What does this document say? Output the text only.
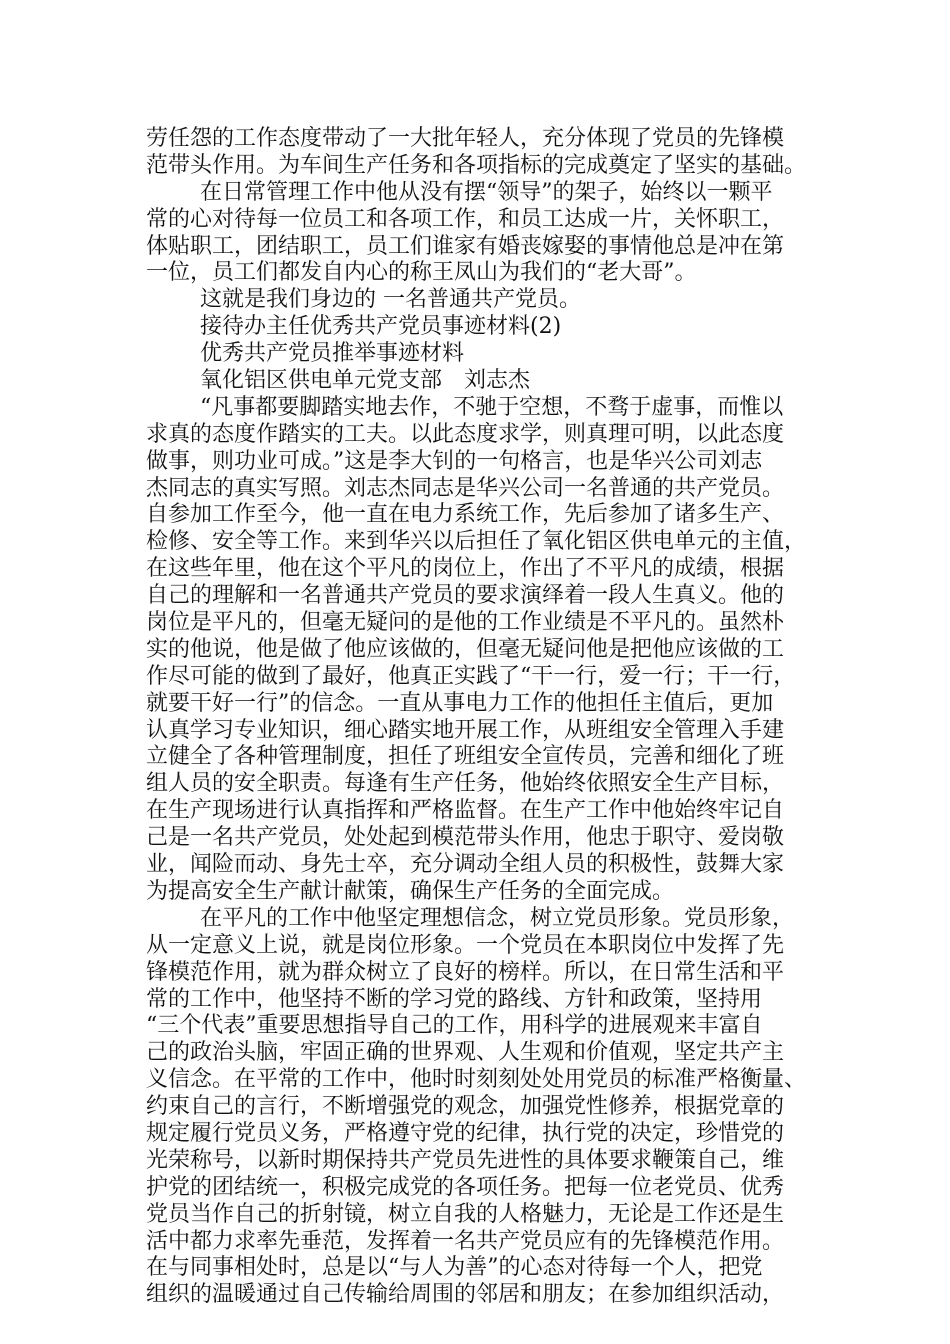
劳任怨的工作态度带动了一大批年轻人，充分体现了党员的先锋模
范带头作用。为车间生产任务和各项指标的完成奠定了坚实的基础。
在日常管理工作中他从没有摆“领导”的架子，始终以一颗平
常的心对待每一位员工和各项工作，和员工达成一片，关怀职工，
体贴职工，团结职工，员工们谁家有婚丧嫁娶的事情他总是冲在第
一位，员工们都发自内心的称王凤山为我们的“老大哥”。
这就是我们身边的 一名普通共产党员。
接待办主任优秀共产党员事迹材料(2)
优秀共产党员推举事迹材料
氧化铝区供电单元党支部　刘志杰
“凡事都要脚踏实地去作，不驰于空想，不骛于虚事，而惟以
求真的态度作踏实的工夫。以此态度求学，则真理可明，以此态度
做事，则功业可成。”这是李大钊的一句格言，也是华兴公司刘志
杰同志的真实写照。刘志杰同志是华兴公司一名普通的共产党员。
自参加工作至今，他一直在电力系统工作，先后参加了诸多生产、
检修、安全等工作。来到华兴以后担任了氧化铝区供电单元的主值，
在这些年里，他在这个平凡的岗位上，作出了不平凡的成绩，根据
自己的理解和一名普通共产党员的要求演绎着一段人生真义。他的
岗位是平凡的，但毫无疑问的是他的工作业绩是不平凡的。虽然朴
实的他说，他是做了他应该做的，但毫无疑问他是把他应该做的工
作尽可能的做到了最好，他真正实践了“干一行，爱一行；干一行，
就要干好一行”的信念。一直从事电力工作的他担任主值后，更加
认真学习专业知识，细心踏实地开展工作，从班组安全管理入手建
立健全了各种管理制度，担任了班组安全宣传员，完善和细化了班
组人员的安全职责。每逢有生产任务，他始终依照安全生产目标，
在生产现场进行认真指挥和严格监督。在生产工作中他始终牢记自
己是一名共产党员，处处起到模范带头作用，他忠于职守、爱岗敬
业，闻险而动、身先士卒，充分调动全组人员的积极性，鼓舞大家
为提高安全生产献计献策，确保生产任务的全面完成。
在平凡的工作中他坚定理想信念，树立党员形象。党员形象，
从一定意义上说，就是岗位形象。一个党员在本职岗位中发挥了先
锋模范作用，就为群众树立了良好的榜样。所以，在日常生活和平
常的工作中，他坚持不断的学习党的路线、方针和政策，坚持用
“三个代表”重要思想指导自己的工作，用科学的进展观来丰富自
己的政治头脑，牢固正确的世界观、人生观和价值观，坚定共产主
义信念。在平常的工作中，他时时刻刻处处用党员的标准严格衡量、
约束自己的言行，不断增强党的观念，加强党性修养，根据党章的
规定履行党员义务，严格遵守党的纪律，执行党的决定，珍惜党的
光荣称号，以新时期保持共产党员先进性的具体要求鞭策自己，维
护党的团结统一，积极完成党的各项任务。把每一位老党员、优秀
党员当作自己的折射镜，树立自我的人格魅力，无论是工作还是生
活中都力求率先垂范，发挥着一名共产党员应有的先锋模范作用。
在与同事相处时，总是以“与人为善”的心态对待每一个人，把党
组织的温暖通过自己传输给周围的邻居和朋友；在参加组织活动，
